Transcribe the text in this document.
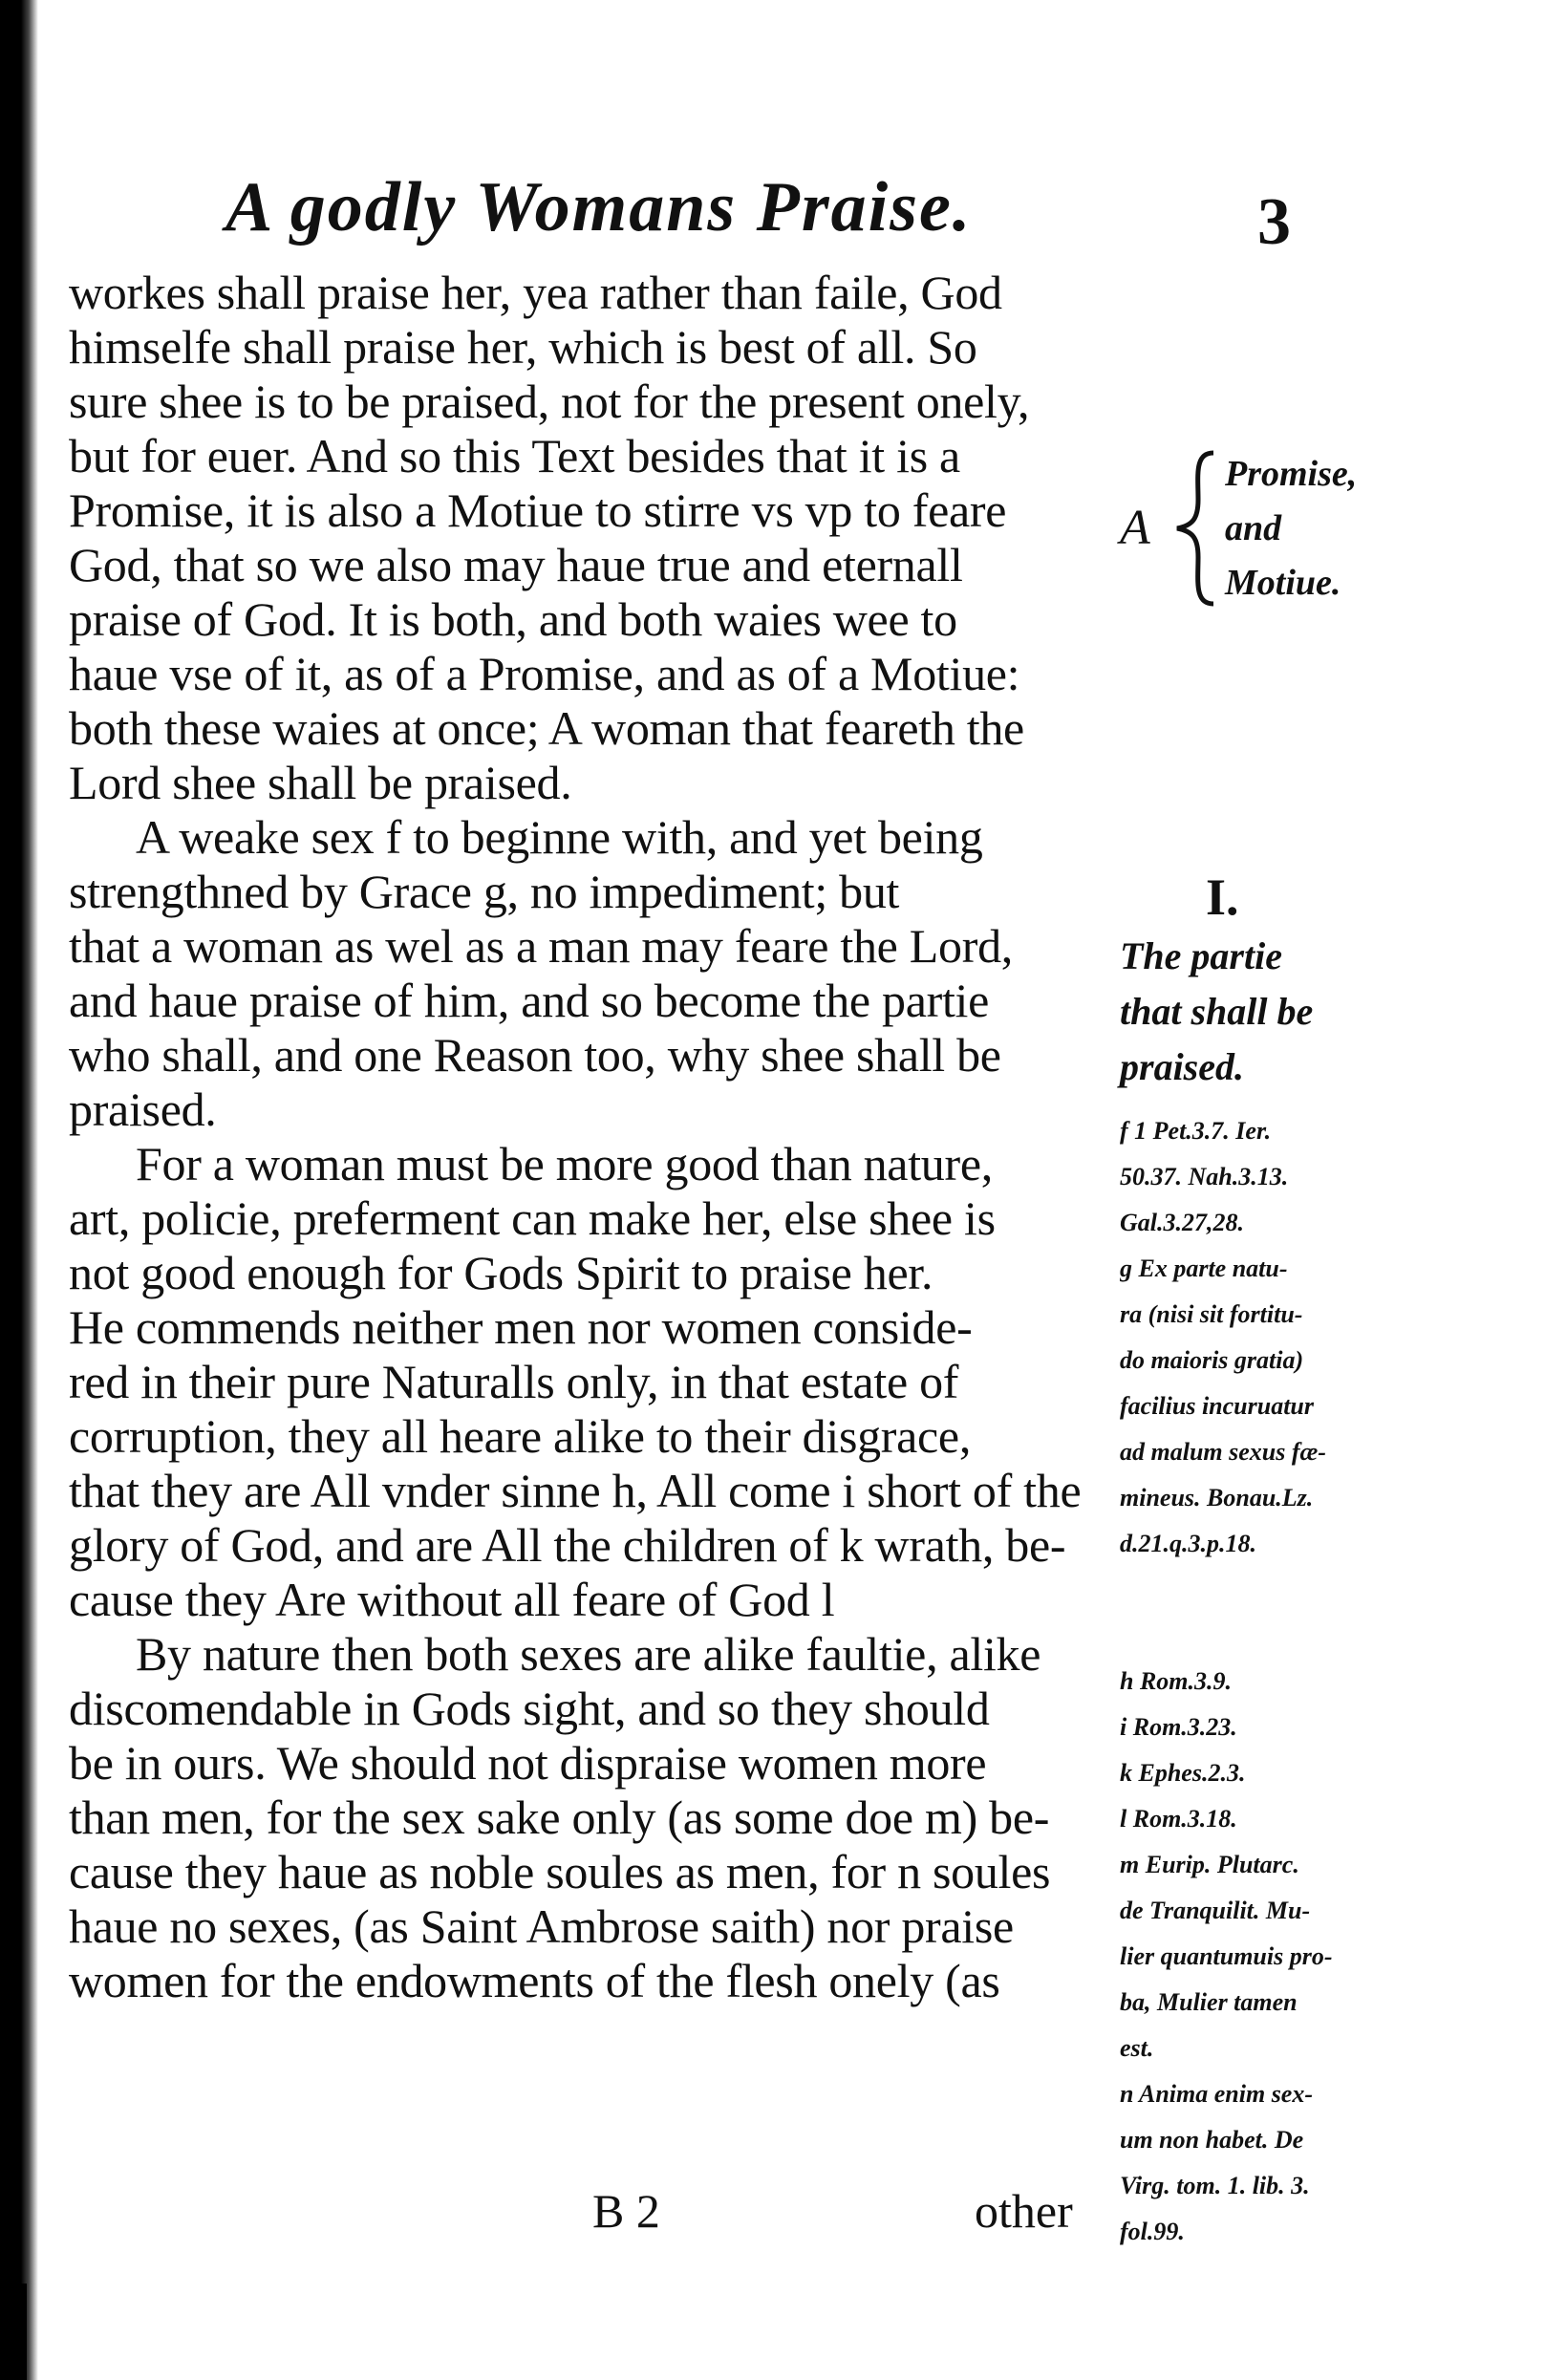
A godly Womans Praise.	3
workes shall praise her, yea rather than faile, God
himselfe shall praise her, which is best of all. So
sure shee is to be praised, not for the present onely,
but for euer. And so this Text besides that it is a
Promise, it is also a Motiue to stirre vs vp to feare
God, that so we also may haue true and eternall
praise of God. It is both, and both waies wee to
haue vse of it, as of a Promise, and as of a Motiue:
both these waies at once; A woman that feareth the
Lord shee shall be praised.
A weake sex f to beginne with, and yet being
strengthned by Grace g, no impediment; but
that a woman as wel as a man may feare the Lord,
and haue praise of him, and so become the partie
who shall, and one Reason too, why shee shall be
praised.
For a woman must be more good than nature,
art, policie, preferment can make her, else shee is
not good enough for Gods Spirit to praise her.
He commends neither men nor women conside-
red in their pure Naturalls only, in that estate of
corruption, they all heare alike to their disgrace,
that they are All vnder sinne h, All come i short of the
glory of God, and are All the children of k wrath, be-
cause they Are without all feare of God l
By nature then both sexes are alike faultie, alike
discomendable in Gods sight, and so they should
be in ours. We should not dispraise women more
than men, for the sex sake only (as some doe m) be-
cause they haue as noble soules as men, for n soules
haue no sexes, (as Saint Ambrose saith) nor praise
women for the endowments of the flesh onely (as
A
Promise,
and
Motiue.
I.
The partie
that shall be
praised.
f 1 Pet.3.7. Ier.
50.37. Nah.3.13.
Gal.3.27,28.
g Ex parte natu-
ra (nisi sit fortitu-
do maioris gratia)
facilius incuruatur
ad malum sexus fæ-
mineus. Bonau.Lz.
d.21.q.3.p.18.
h Rom.3.9.
i Rom.3.23.
k Ephes.2.3.
l Rom.3.18.
m Eurip. Plutarc.
de Tranquilit. Mu-
lier quantumuis pro-
ba, Mulier tamen
est.
n Anima enim sex-
um non habet. De
Virg. tom. 1. lib. 3.
fol.99.
B 2	other
